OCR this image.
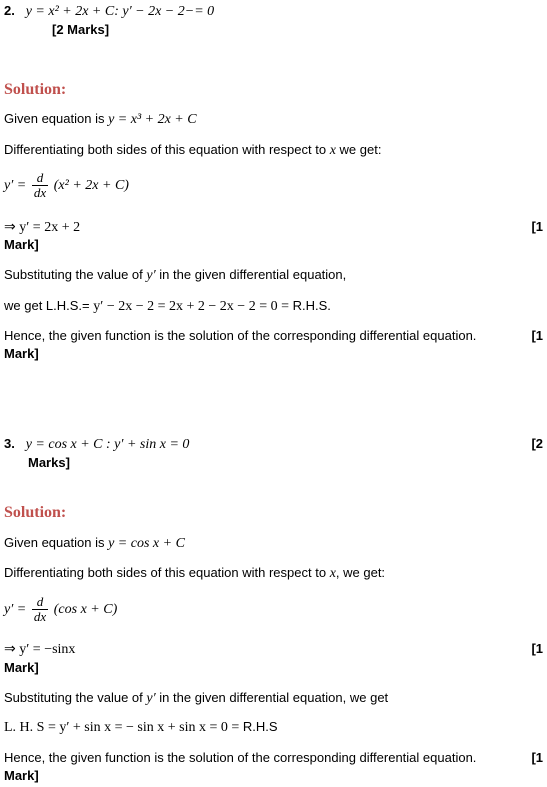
2. y = x² + 2x + C: y′ − 2x − 2−= 0
[2 Marks]
Solution:
Given equation is y = x³ + 2x + C
Differentiating both sides of this equation with respect to x we get:
$y' = \frac{d}{dx} (x^2 + 2x + C)$
⇒ y′ = 2x + 2	[1
Mark]
Substituting the value of y′ in the given differential equation,
we get L.H.S.= y′ − 2x − 2 = 2x + 2 − 2x − 2 = 0 = R.H.S.
Hence, the given function is the solution of the corresponding differential equation.	[1
Mark]
3. y = cos x + C : y′ + sin x = 0	[2
Marks]
Solution:
Given equation is y = cos x + C
Differentiating both sides of this equation with respect to x, we get:
$y' = \frac{d}{dx} (\cos$ x + C)
⇒ y′ = −sinx	[1
Mark]
Substituting the value of y′ in the given differential equation, we get
L. H. S = y′ + sin x = − sin x + sin x = 0 = R.H.S
Hence, the given function is the solution of the corresponding differential equation.	[1
Mark]
